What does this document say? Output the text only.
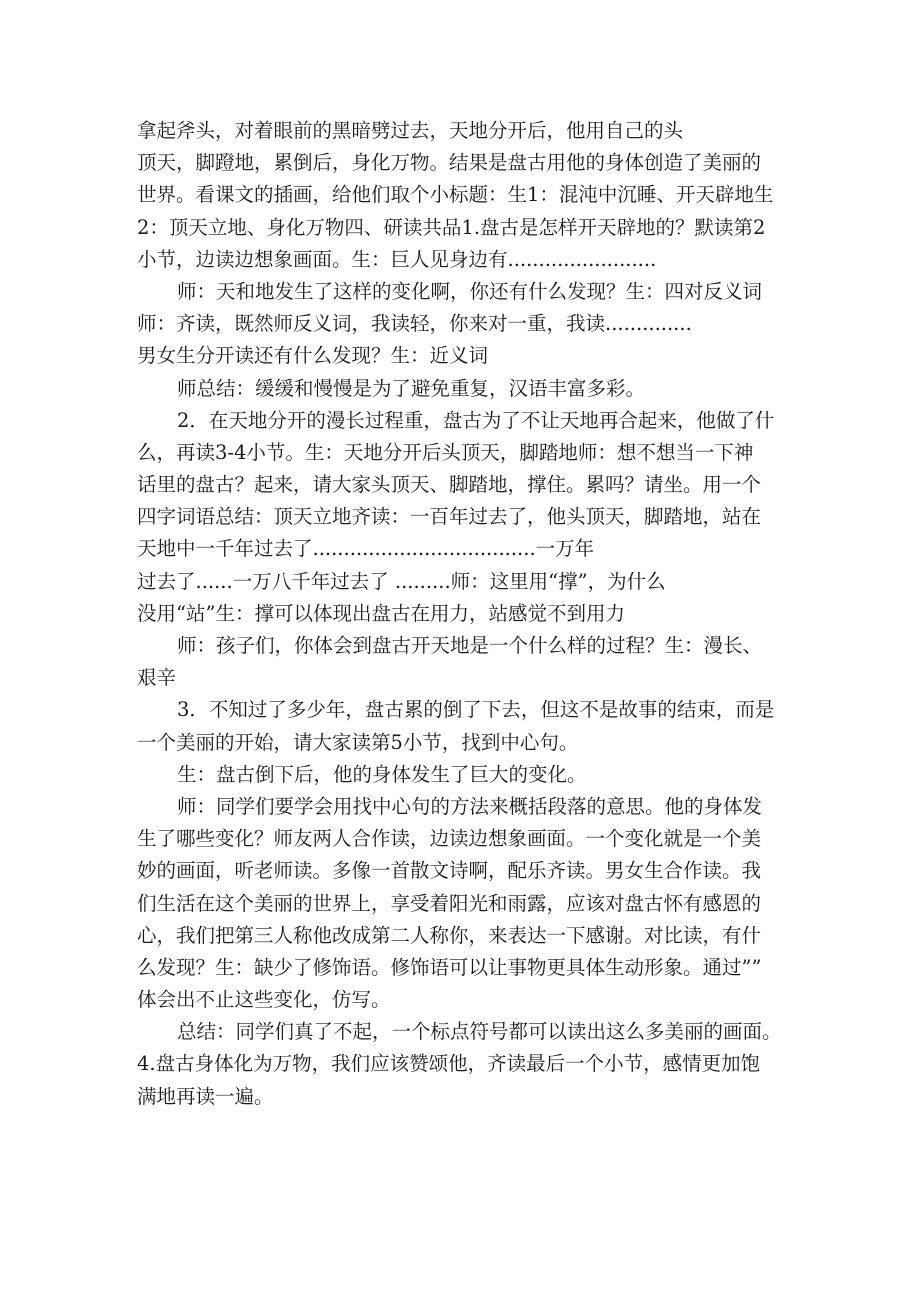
拿起斧头，对着眼前的黑暗劈过去，天地分开后，他用自己的头
顶天，脚蹬地，累倒后，身化万物。结果是盘古用他的身体创造了美丽的
世界。看课文的插画，给他们取个小标题：生1：混沌中沉睡、开天辟地生
2：顶天立地、身化万物四、研读共品1.盘古是怎样开天辟地的？默读第2
小节，边读边想象画面。生：巨人见身边有........................
师：天和地发生了这样的变化啊，你还有什么发现？生：四对反义词
师：齐读，既然师反义词，我读轻，你来对一重，我读..............
男女生分开读还有什么发现？生：近义词
师总结：缓缓和慢慢是为了避免重复，汉语丰富多彩。
2．在天地分开的漫长过程重，盘古为了不让天地再合起来，他做了什
么，再读3-4小节。生：天地分开后头顶天，脚踏地师：想不想当一下神
话里的盘古？起来，请大家头顶天、脚踏地，撑住。累吗？请坐。用一个
四字词语总结：顶天立地齐读：一百年过去了，他头顶天，脚踏地，站在
天地中一千年过去了....................................一万年
过去了......一万八千年过去了 .........师：这里用“撑”，为什么
没用“站”生：撑可以体现出盘古在用力，站感觉不到用力
师：孩子们，你体会到盘古开天地是一个什么样的过程？生：漫长、
艰辛
3．不知过了多少年，盘古累的倒了下去，但这不是故事的结束，而是
一个美丽的开始，请大家读第5小节，找到中心句。
生：盘古倒下后，他的身体发生了巨大的变化。
师：同学们要学会用找中心句的方法来概括段落的意思。他的身体发
生了哪些变化？师友两人合作读，边读边想象画面。一个变化就是一个美
妙的画面，听老师读。多像一首散文诗啊，配乐齐读。男女生合作读。我
们生活在这个美丽的世界上，享受着阳光和雨露，应该对盘古怀有感恩的
心，我们把第三人称他改成第二人称你，来表达一下感谢。对比读，有什
么发现？生：缺少了修饰语。修饰语可以让事物更具体生动形象。通过””
体会出不止这些变化，仿写。
总结：同学们真了不起，一个标点符号都可以读出这么多美丽的画面。
4.盘古身体化为万物，我们应该赞颂他，齐读最后一个小节，感情更加饱
满地再读一遍。
